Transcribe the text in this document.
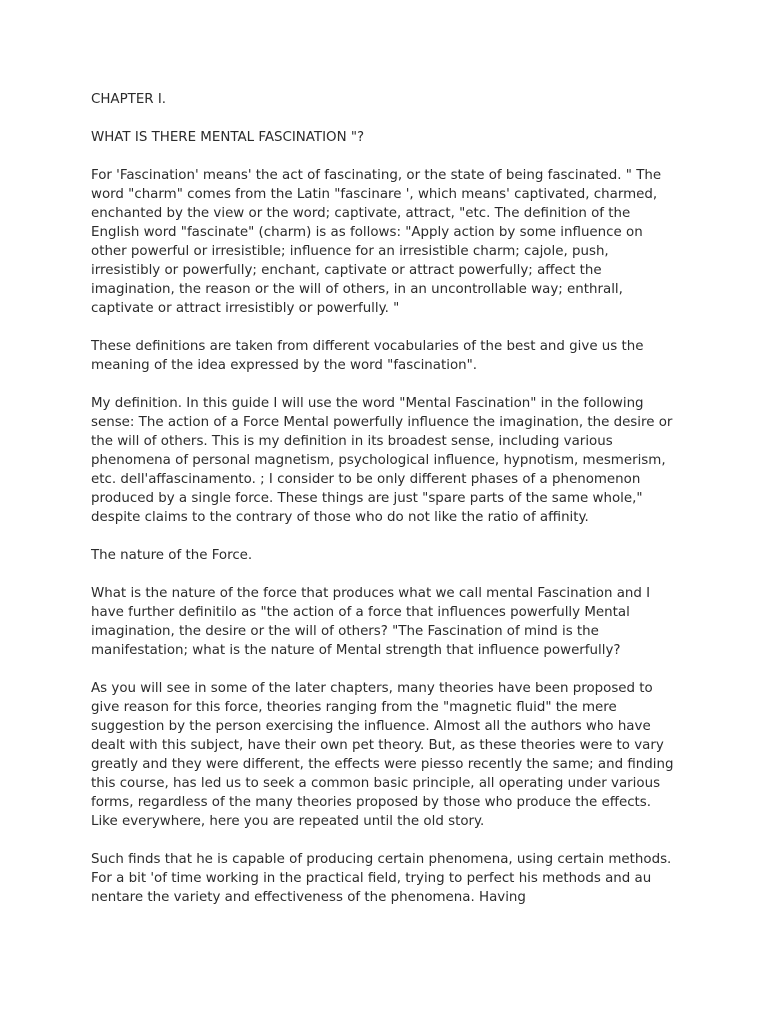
CHAPTER I.

WHAT IS THERE MENTAL FASCINATION "?

For 'Fascination' means' the act of fascinating, or the state of being fascinated. " The word "charm" comes from the Latin "fascinare ', which means' captivated, charmed, enchanted by the view or the word; captivate, attract, "etc. The definition of the English word "fascinate" (charm) is as follows: "Apply action by some influence on other powerful or irresistible; influence for an irresistible charm; cajole, push, irresistibly or powerfully; enchant, captivate or attract powerfully; affect the imagination, the reason or the will of others, in an uncontrollable way; enthrall, captivate or attract irresistibly or powerfully. "

These definitions are taken from different vocabularies of the best and give us the meaning of the idea expressed by the word "fascination".

My definition. In this guide I will use the word "Mental Fascination" in the following sense: The action of a Force Mental powerfully influence the imagination, the desire or the will of others. This is my definition in its broadest sense, including various phenomena of personal magnetism, psychological influence, hypnotism, mesmerism, etc. dell'affascinamento. ; I consider to be only different phases of a phenomenon produced by a single force. These things are just "spare parts of the same whole," despite claims to the contrary of those who do not like the ratio of affinity.

The nature of the Force.

What is the nature of the force that produces what we call mental Fascination and I have further definitilo as "the action of a force that influences powerfully Mental imagination, the desire or the will of others? "The Fascination of mind is the manifestation; what is the nature of Mental strength that influence powerfully?

As you will see in some of the later chapters, many theories have been proposed to give reason for this force, theories ranging from the "magnetic fluid" the mere suggestion by the person exercising the influence. Almost all the authors who have dealt with this subject, have their own pet theory. But, as these theories were to vary greatly and they were different, the effects were piesso recently the same; and finding this course, has led us to seek a common basic principle, all operating under various forms, regardless of the many theories proposed by those who produce the effects. Like everywhere, here you are repeated until the old story.

Such finds that he is capable of producing certain phenomena, using certain methods. For a bit 'of time working in the practical field, trying to perfect his methods and au nentare the variety and effectiveness of the phenomena. Having
